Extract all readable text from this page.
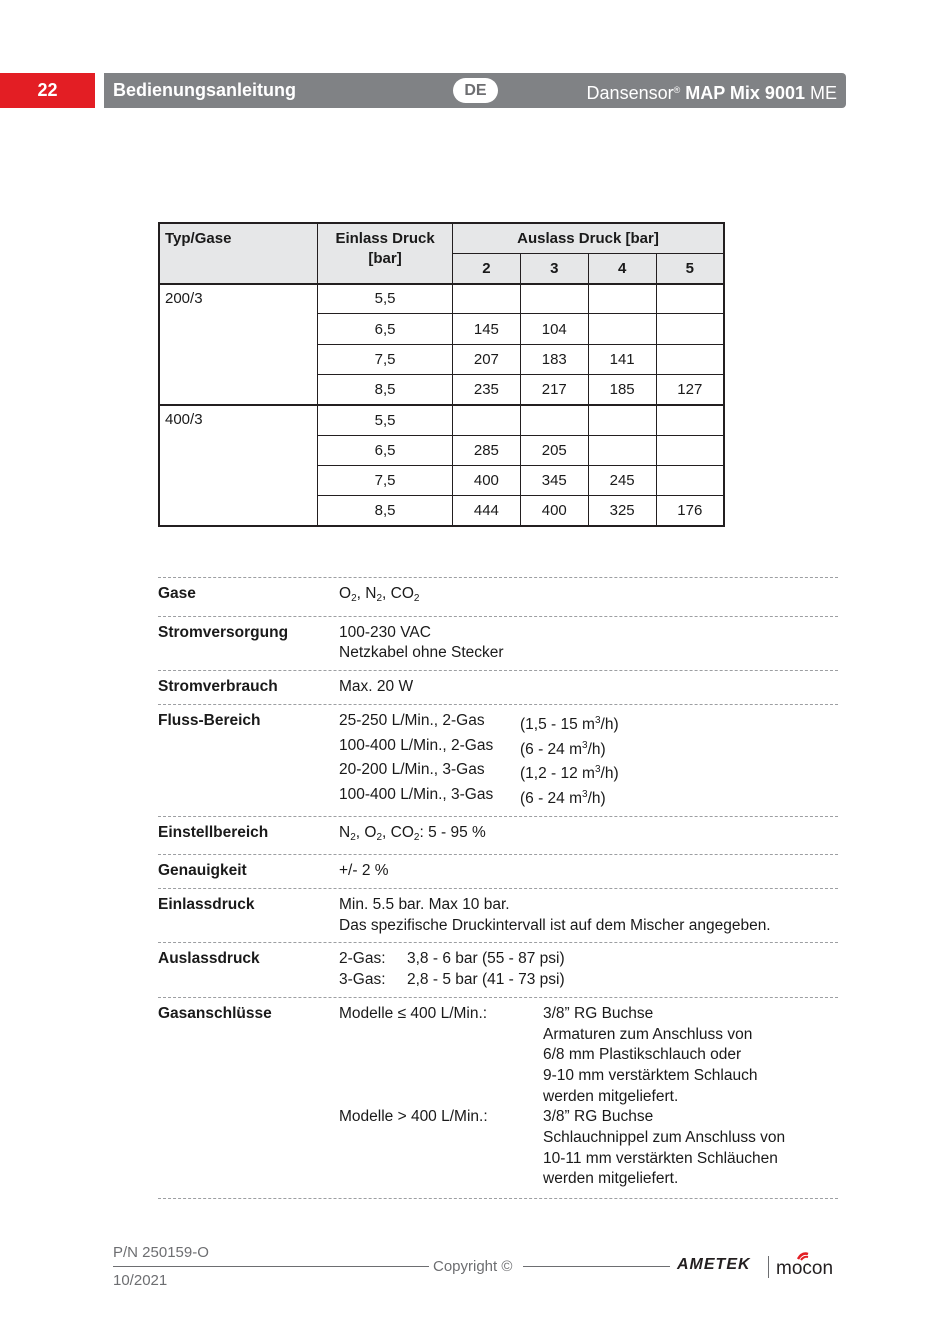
22	Bedienungsanleitung	DE	Dansensor® MAP Mix 9001 ME
Typ/Gase	Einlass Druck [bar]	Auslass Druck [bar]			
		2	3	4	5
200/3	5,5				
	6,5	145	104		
	7,5	207	183	141	
	8,5	235	217	185	127
400/3	5,5				
	6,5	285	205		
	7,5	400	345	245	
	8,5	444	400	325	176
Gase	$O_2$, $N_2$, $CO_2$
Stromversorgung	100-230 VAC
Netzkabel ohne Stecker
Stromverbrauch	Max. 20 W
Fluss-Bereich	25-250 L/Min., 2-Gas	(1,5 - 15 $m^3/h$)
100-400 L/Min., 2-Gas	(6 - 24 $m^3/h$)
20-200 L/Min., 3-Gas	(1,2 - 12 $m^3/h$)
100-400 L/Min., 3-Gas	(6 - 24 $m^3/h$)
Einstellbereich	$N_2$, $O_2$, $CO_2$: 5 - 95 %
Genauigkeit	+/- 2 %
Einlassdruck	Min. 5.5 bar. Max 10 bar.
Das spezifische Druckintervall ist auf dem Mischer angegeben.
Auslassdruck	2-Gas:	3,8 - 6 bar (55 - 87 psi)
3-Gas:	2,8 - 5 bar (41 - 73 psi)
Gasanschlüsse	Modelle ≤ 400 L/Min.:	3/8” RG Buchse
Armaturen zum Anschluss von
6/8 mm Plastikschlauch oder
9-10 mm verstärktem Schlauch
werden mitgeliefert.
Modelle > 400 L/Min.:	3/8” RG Buchse
Schlauchnippel zum Anschluss von
10-11 mm verstärkten Schläuchen
werden mitgeliefert.
P/N 250159-O
10/2021
Copyright ©	AMETEK mocon
